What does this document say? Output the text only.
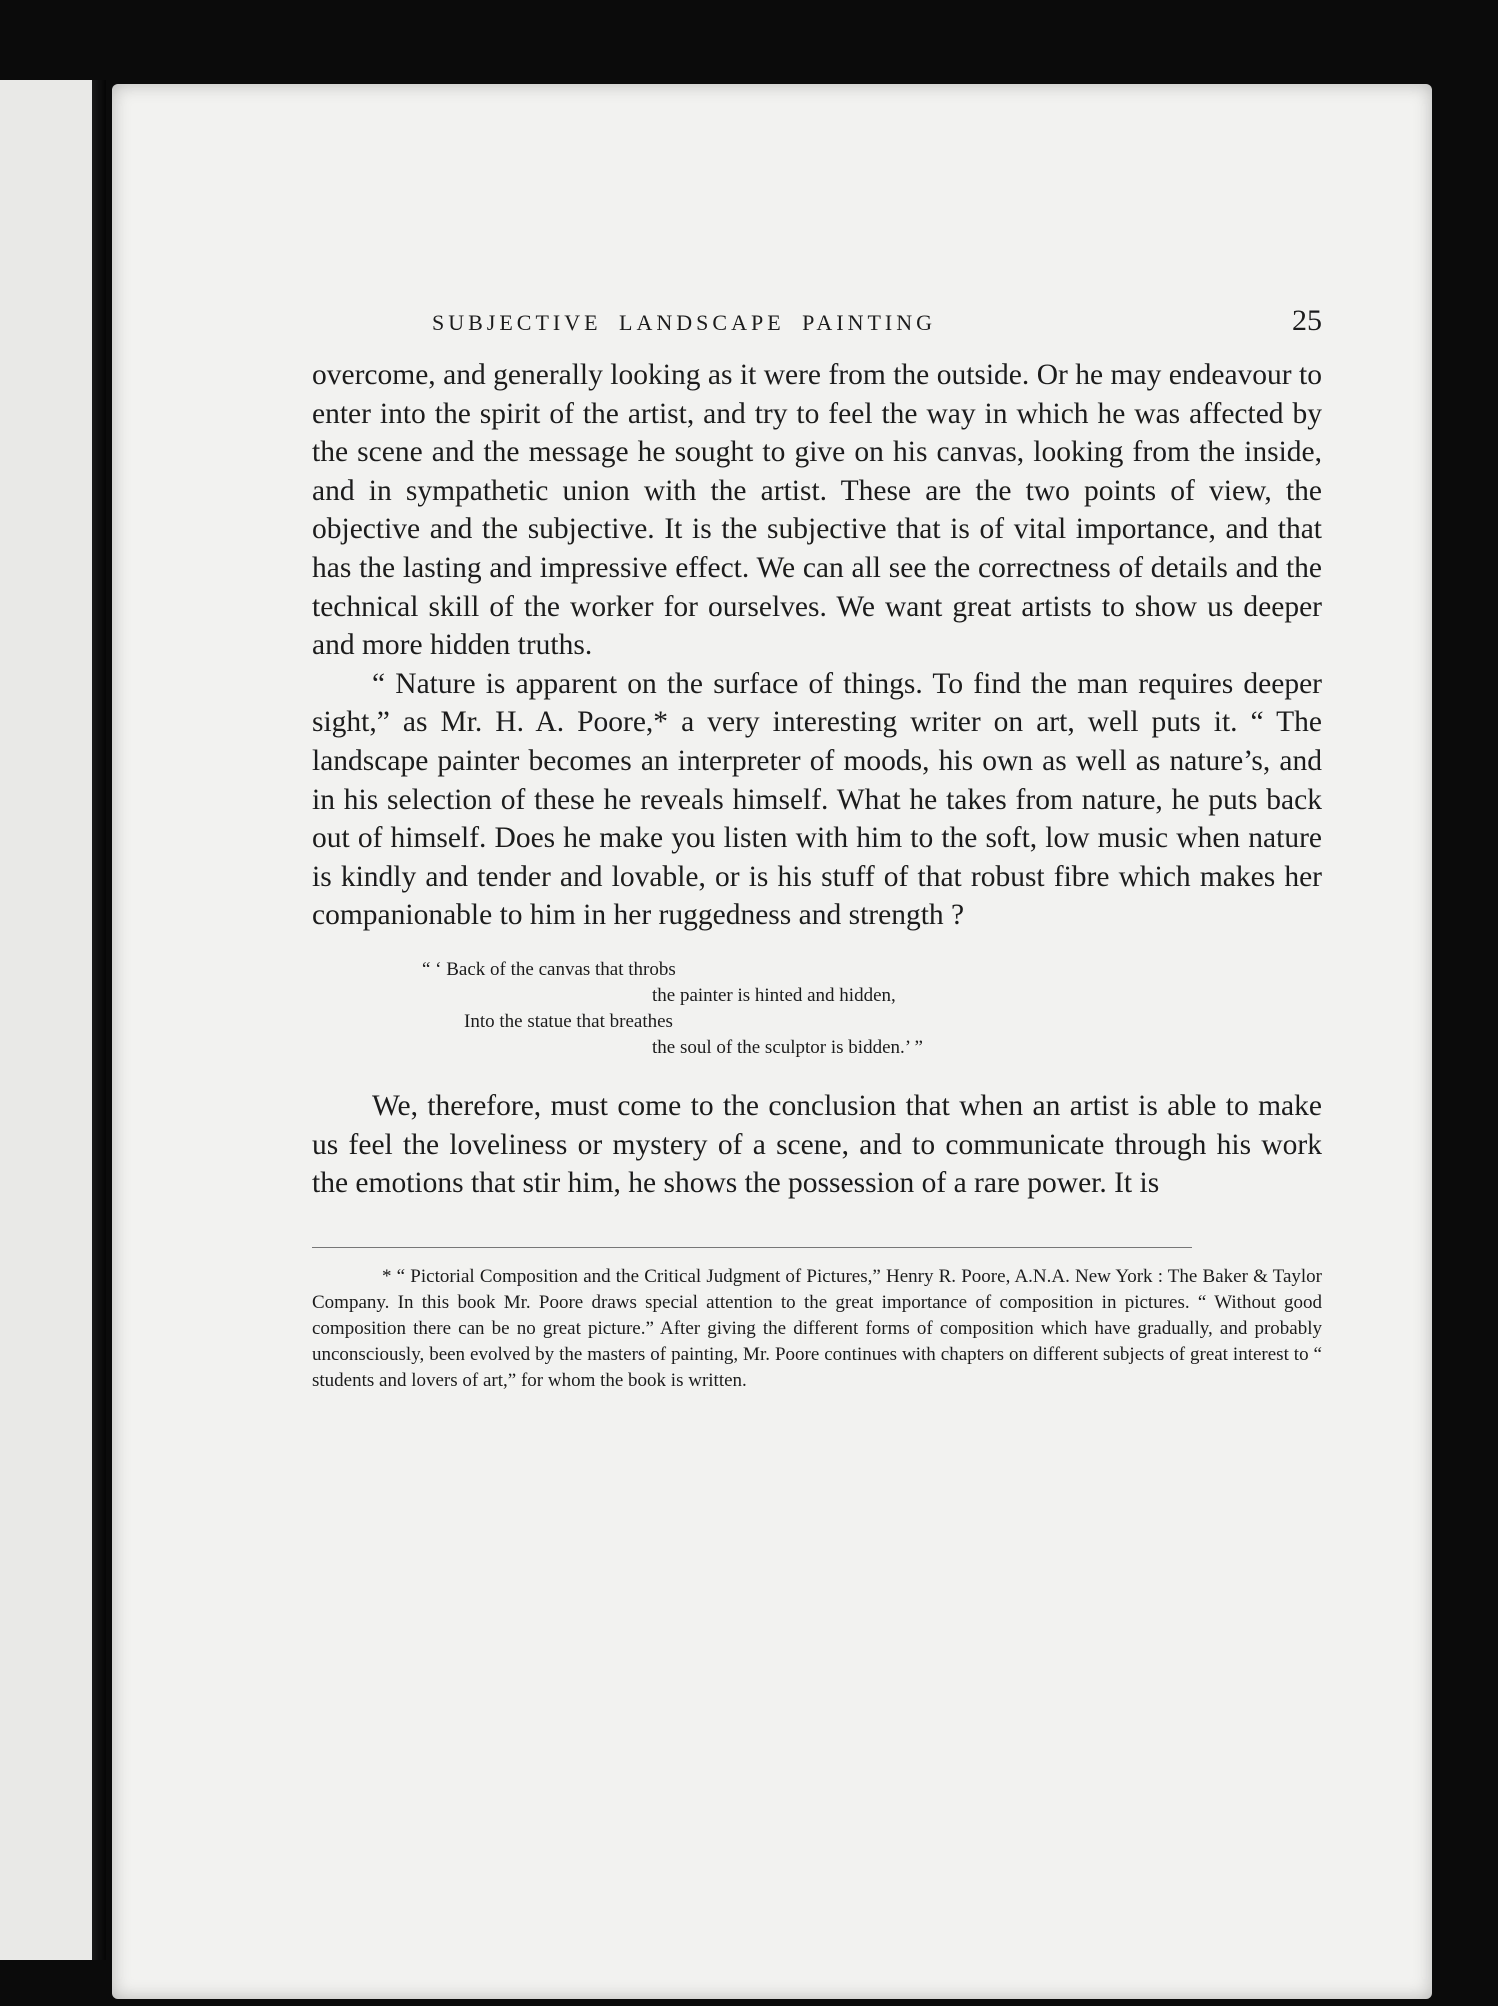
SUBJECTIVE LANDSCAPE PAINTING	25

overcome, and generally looking as it were from the outside. Or he may endeavour to enter into the spirit of the artist, and try to feel the way in which he was affected by the scene and the message he sought to give on his canvas, looking from the inside, and in sympathetic union with the artist. These are the two points of view, the objective and the subjective. It is the subjective that is of vital importance, and that has the lasting and impressive effect. We can all see the correctness of details and the technical skill of the worker for ourselves. We want great artists to show us deeper and more hidden truths.

“ Nature is apparent on the surface of things. To find the man requires deeper sight,” as Mr. H. A. Poore,* a very interesting writer on art, well puts it. “ The landscape painter becomes an interpreter of moods, his own as well as nature’s, and in his selection of these he reveals himself. What he takes from nature, he puts back out of himself. Does he make you listen with him to the soft, low music when nature is kindly and tender and lovable, or is his stuff of that robust fibre which makes her companionable to him in her ruggedness and strength ?

“ ‘ Back of the canvas that throbs
the painter is hinted and hidden,
Into the statue that breathes
the soul of the sculptor is bidden.’ ”

We, therefore, must come to the conclusion that when an artist is able to make us feel the loveliness or mystery of a scene, and to communicate through his work the emotions that stir him, he shows the possession of a rare power. It is

* “ Pictorial Composition and the Critical Judgment of Pictures,” Henry R. Poore, A.N.A. New York : The Baker & Taylor Company. In this book Mr. Poore draws special attention to the great importance of composition in pictures. “ Without good composition there can be no great picture.” After giving the different forms of composition which have gradually, and probably unconsciously, been evolved by the masters of painting, Mr. Poore continues with chapters on different subjects of great interest to “ students and lovers of art,” for whom the book is written.
